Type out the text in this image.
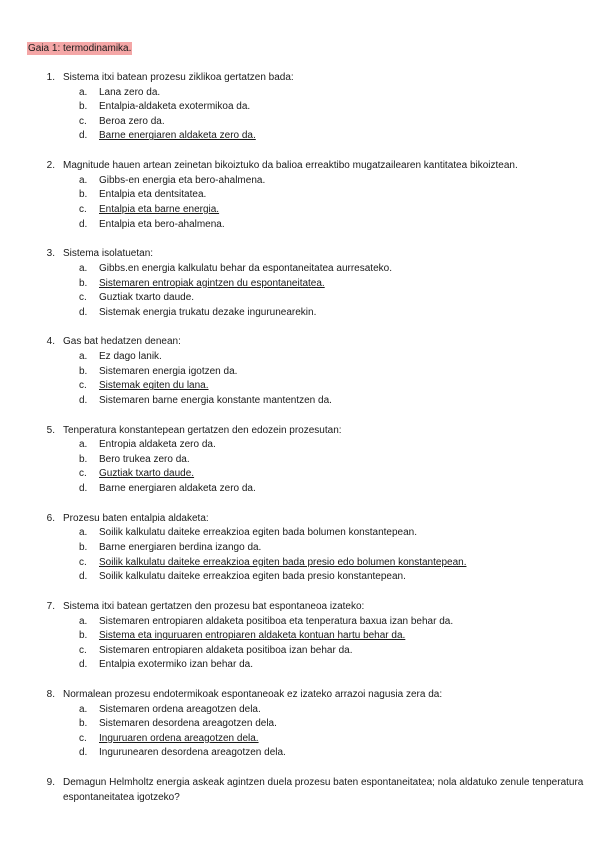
Gaia 1: termodinamika.
1. Sistema itxi batean prozesu ziklikoa gertatzen bada:
a.	Lana zero da.
b.	Entalpia-aldaketa exotermikoa da.
c.	Beroa zero da.
d.	Barne energiaren aldaketa zero da.
2. Magnitude hauen artean zeinetan bikoiztuko da balioa erreaktibo mugatzailearen kantitatea bikoiztean.
a.	Gibbs-en energia eta bero-ahalmena.
b.	Entalpia eta dentsitatea.
c.	Entalpia eta barne energia.
d.	Entalpia eta bero-ahalmena.
3. Sistema isolatuetan:
a.	Gibbs.en energia kalkulatu behar da espontaneitatea aurresateko.
b.	Sistemaren entropiak agintzen du espontaneitatea.
c.	Guztiak txarto daude.
d.	Sistemak energia trukatu dezake ingurunearekin.
4. Gas bat hedatzen denean:
a.	Ez dago lanik.
b.	Sistemaren energia igotzen da.
c.	Sistemak egiten du lana.
d.	Sistemaren barne energia konstante mantentzen da.
5. Tenperatura konstantepean gertatzen den edozein prozesutan:
a.	Entropia aldaketa zero da.
b.	Bero trukea zero da.
c.	Guztiak txarto daude.
d.	Barne energiaren aldaketa zero da.
6. Prozesu baten entalpia aldaketa:
a.	Soilik kalkulatu daiteke erreakzioa egiten bada bolumen konstantepean.
b.	Barne energiaren berdina izango da.
c.	Soilik kalkulatu daiteke erreakzioa egiten bada presio edo bolumen konstantepean.
d.	Soilik kalkulatu daiteke erreakzioa egiten bada presio konstantepean.
7. Sistema itxi batean gertatzen den prozesu bat espontaneoa izateko:
a.	Sistemaren entropiaren aldaketa positiboa eta tenperatura baxua izan behar da.
b.	Sistema eta inguruaren entropiaren aldaketa kontuan hartu behar da.
c.	Sistemaren entropiaren aldaketa positiboa izan behar da.
d.	Entalpia exotermiko izan behar da.
8. Normalean prozesu endotermikoak espontaneoak ez izateko arrazoi nagusia zera da:
a.	Sistemaren ordena areagotzen dela.
b.	Sistemaren desordena areagotzen dela.
c.	Inguruaren ordena areagotzen dela.
d.	Ingurunearen desordena areagotzen dela.
9. Demagun Helmholtz energia askeak agintzen duela prozesu baten espontaneitatea; nola aldatuko zenule tenperatura espontaneitatea igotzeko?
